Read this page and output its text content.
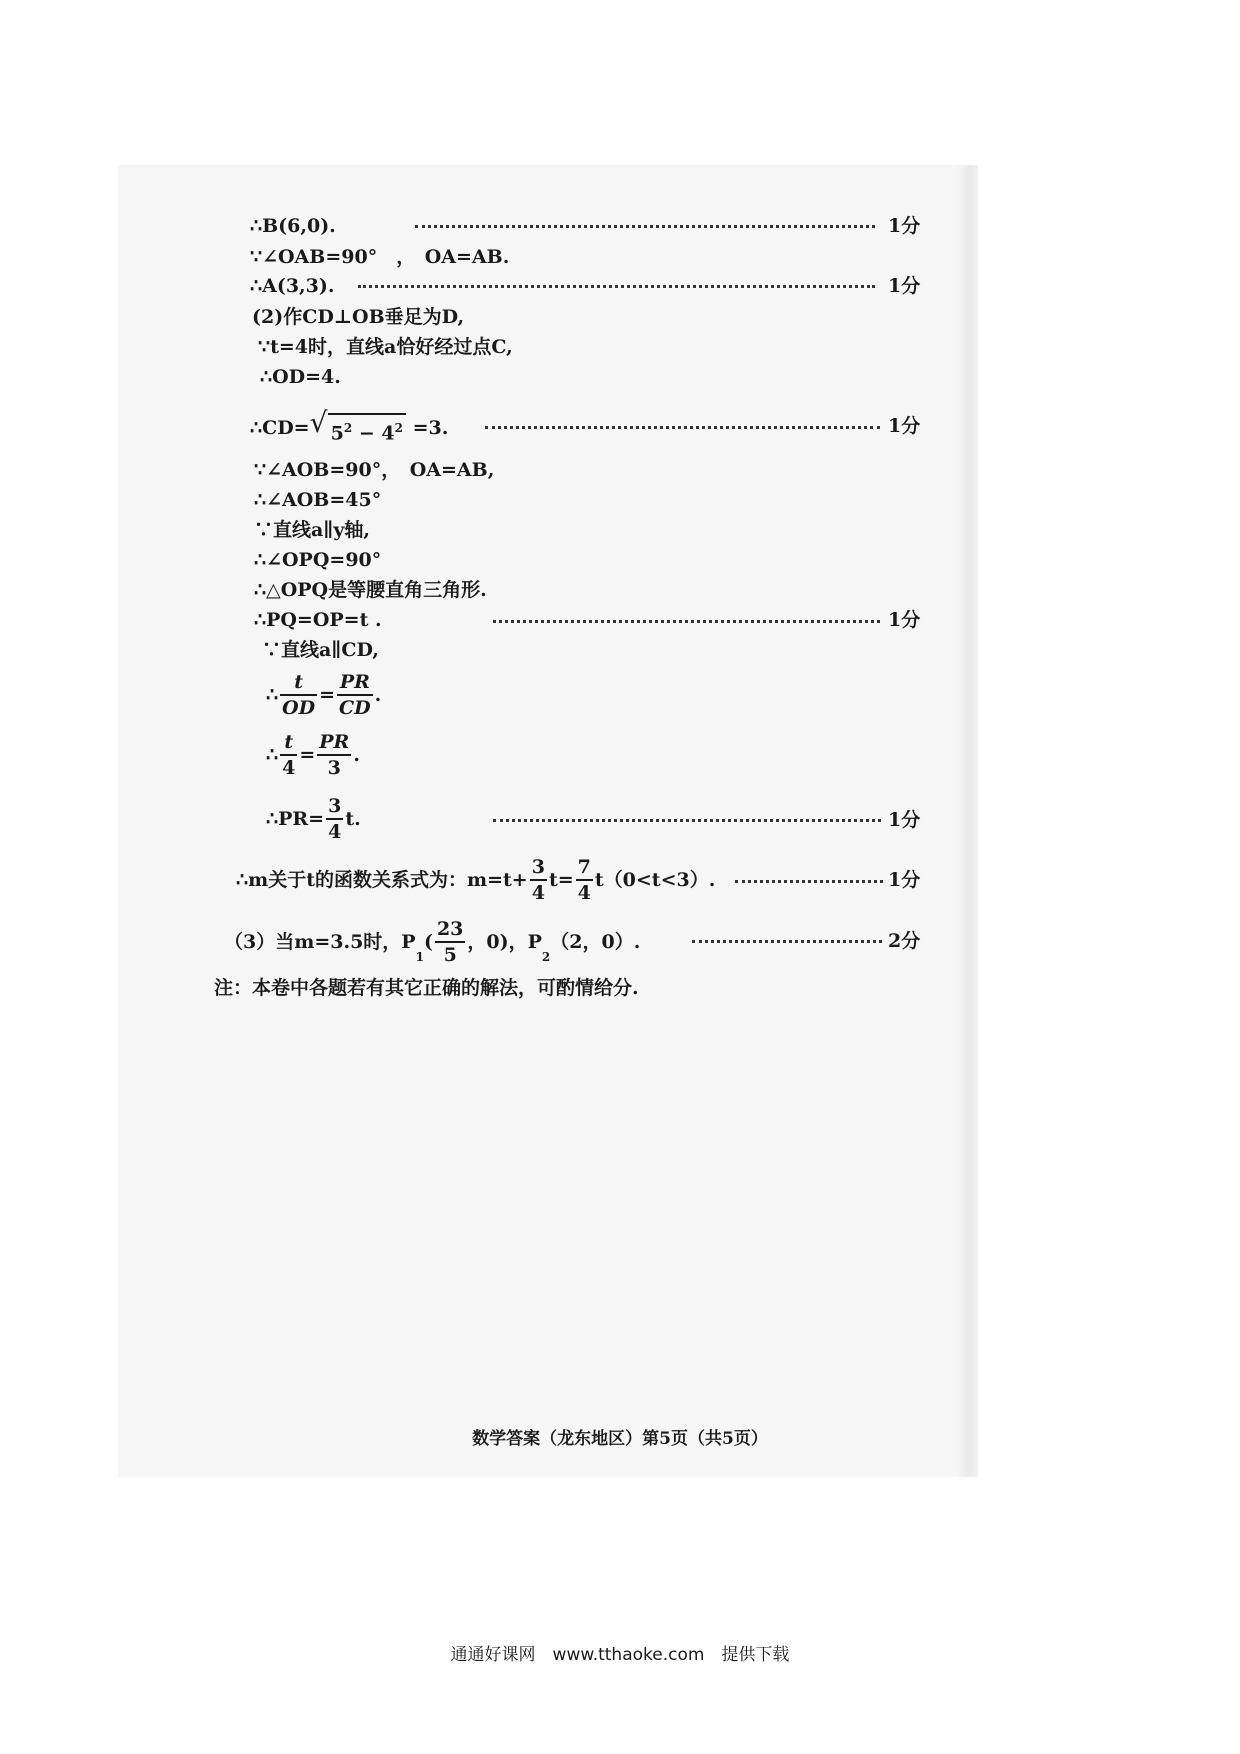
∴B(6,0).	1分
∵∠OAB=90°　，　OA=AB.
∴A(3,3).	1分
(2)作CD⊥OB垂足为D,
∵t=4时，直线a恰好经过点C,
∴OD=4.
∴CD= √ $5^2 - 4^2 =3$.	1分
∵∠AOB=90°，　OA=AB,
∴∠AOB=45°
∵直线a∥y轴,
∴∠OPQ=90°
∴△OPQ是等腰直角三角形.
∴PQ=OP=t .	1分
∵直线a∥CD,
∴ $\frac{t}{OD} = \frac{PR}{CD}$ .
∴ $\frac{t}{4} = \frac{PR}{3}$ .
∴PR= $\frac{3}{4} t$.	1分
∴m关于t的函数关系式为：$m=t+ \frac{3}{4} t= \frac{7}{4} t(0<t<3)$.	1分
（3）当m=3.5时，$P_1( \frac{23}{5}$ ，0)，$P_2(2$，0）.	2分
注：本卷中各题若有其它正确的解法，可酌情给分.
数学答案（龙东地区）第5页（共5页）
通通好课网　www.tthaoke.com　提供下载
